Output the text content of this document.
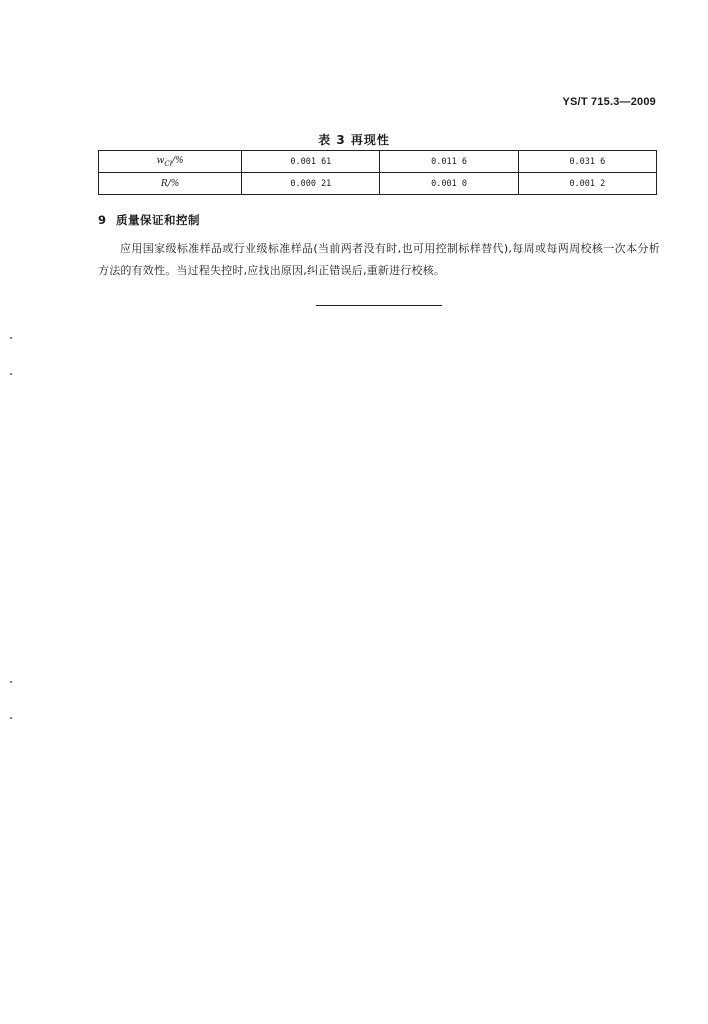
YS/T 715.3—2009
表 3 再现性
$w_{Cl}/\%$	0.001 61	0.011 6	0.031 6
R/%	0.000 21	0.001 0	0.001 2
9 质量保证和控制
应用国家级标准样品或行业级标准样品(当前两者没有时,也可用控制标样替代),每周或每两周校核一次本分析方法的有效性。当过程失控时,应找出原因,纠正错误后,重新进行校核。
